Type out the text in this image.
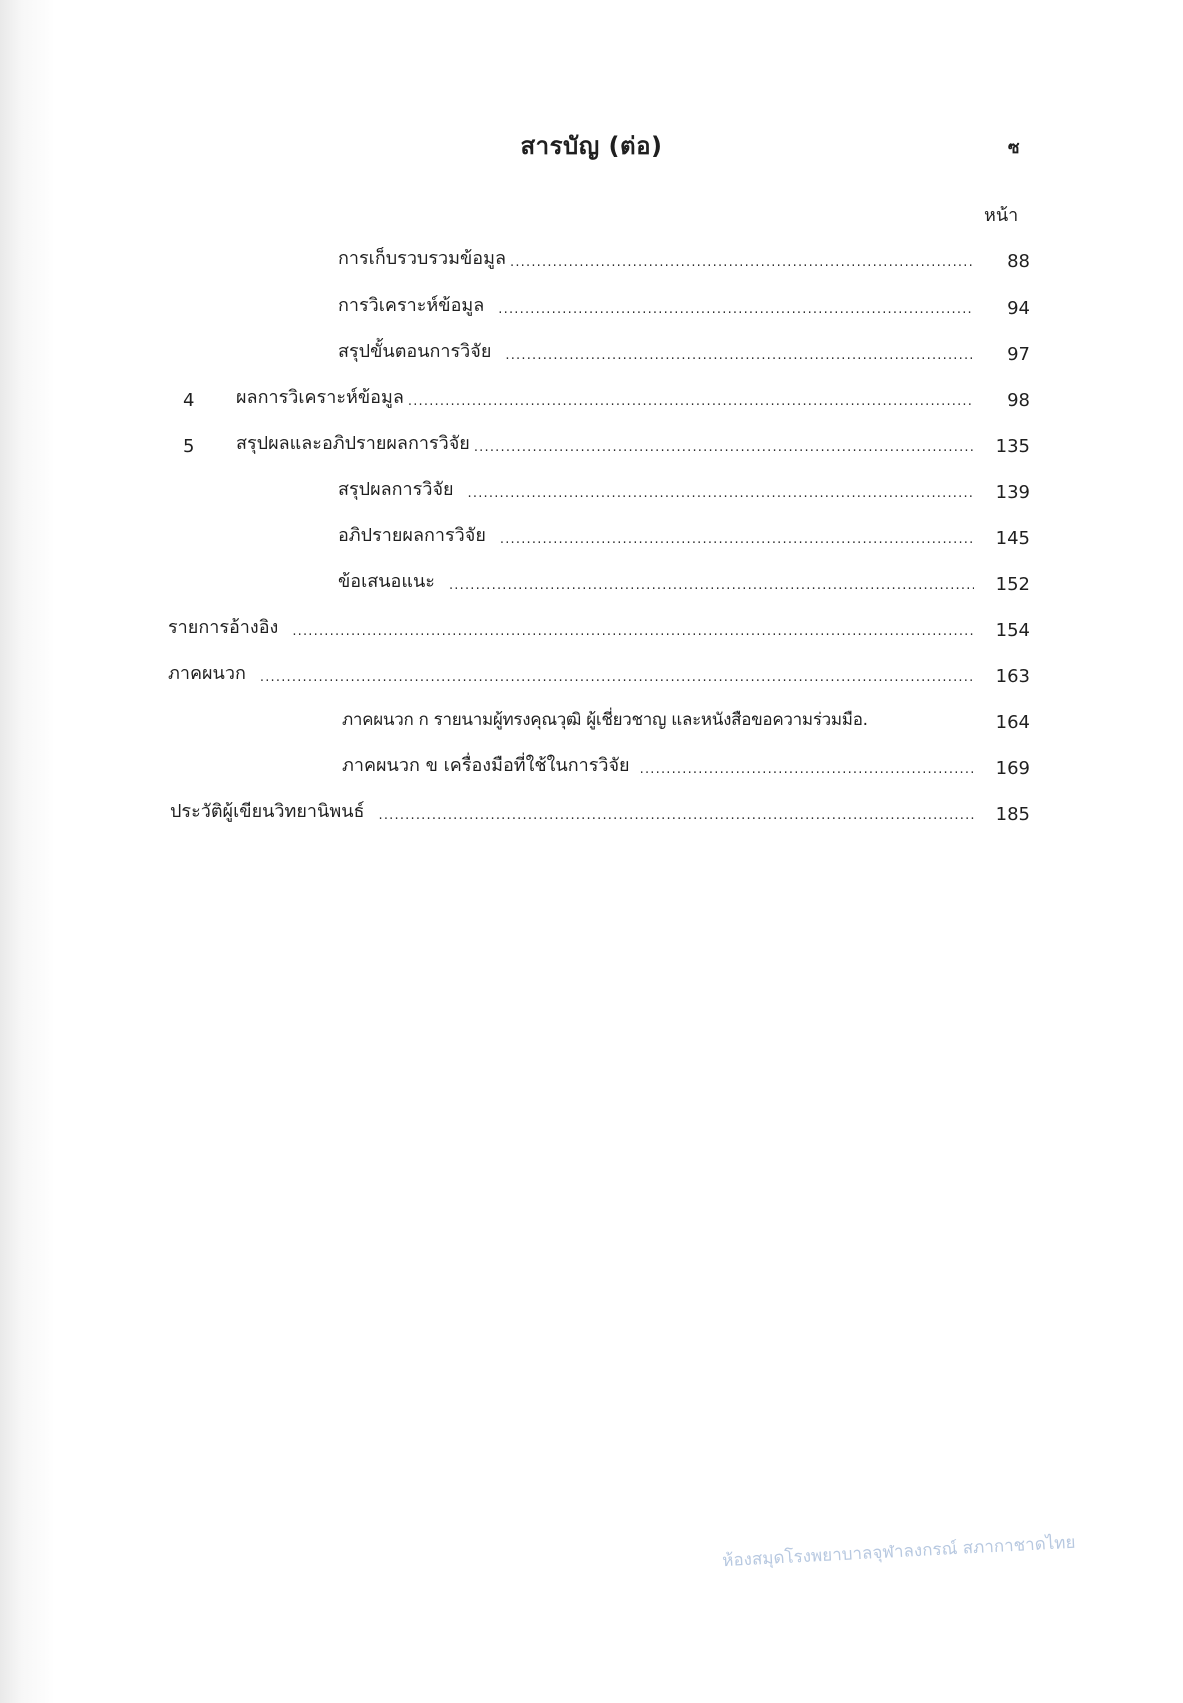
สารบัญ (ต่อ)	ซ
หน้า
การเก็บรวบรวมข้อมูล .....	88
การวิเคราะห์ข้อมูล .....	94
สรุปขั้นตอนการวิจัย .....	97
4 ผลการวิเคราะห์ข้อมูล .....	98
5 สรุปผลและอภิปรายผลการวิจัย .....	135
สรุปผลการวิจัย .....	139
อภิปรายผลการวิจัย .....	145
ข้อเสนอแนะ .....	152
รายการอ้างอิง .....	154
ภาคผนวก .....	163
ภาคผนวก ก รายนามผู้ทรงคุณวุฒิ ผู้เชี่ยวชาญ และหนังสือขอความร่วมมือ.	164
ภาคผนวก ข เครื่องมือที่ใช้ในการวิจัย .....	169
ประวัติผู้เขียนวิทยานิพนธ์ .....	185
ห้องสมุดโรงพยาบาลจุฬาลงกรณ์ สภากาชาดไทย
